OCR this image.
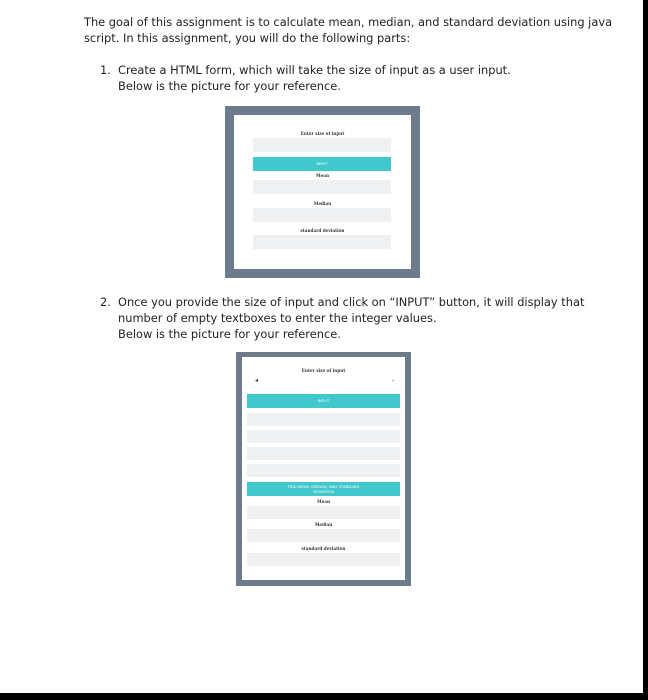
The goal of this assignment is to calculate mean, median, and standard deviation using java
script. In this assignment, you will do the following parts:
1. Create a HTML form, which will take the size of input as a user input.
Below is the picture for your reference.
Enter size of input
INPUT
Mean
Median
standard deviation
2. Once you provide the size of input and click on “INPUT” button, it will display that
number of empty textboxes to enter the integer values.
Below is the picture for your reference.
Enter size of input
◂	▸
INPUT
FIND MEAN, MEDIAN, AND STANDARD
DEVIATION
Mean
Median
standard deviation
